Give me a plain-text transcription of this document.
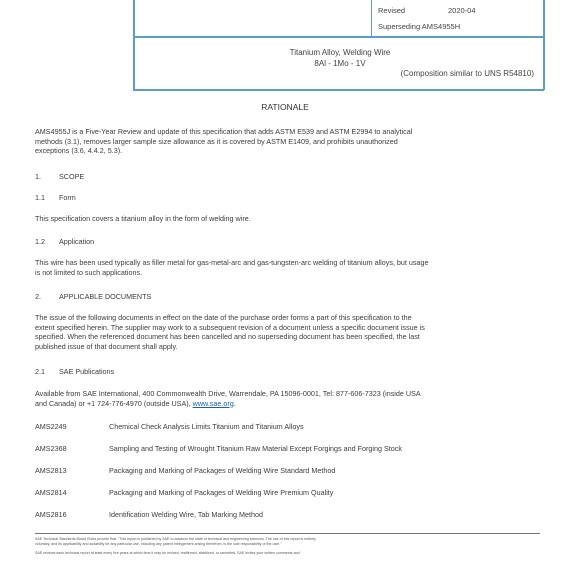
Revised	2020-04
Superseding AMS4955H
Titanium Alloy, Welding Wire
8Al - 1Mo - 1V
(Composition similar to UNS R54810)
RATIONALE
AMS4955J is a Five-Year Review and update of this specification that adds ASTM E539 and ASTM E2994 to analytical
methods (3.1), removes larger sample size allowance as it is covered by ASTM E1409, and prohibits unauthorized
exceptions (3.6, 4.4.2, 5.3).
1.	SCOPE
1.1 Form
This specification covers a titanium alloy in the form of welding wire.
1.2 Application
This wire has been used typically as filler metal for gas-metal-arc and gas-tungsten-arc welding of titanium alloys, but usage
is not limited to such applications.
2.	APPLICABLE DOCUMENTS
The issue of the following documents in effect on the date of the purchase order forms a part of this specification to the
extent specified herein. The supplier may work to a subsequent revision of a document unless a specific document issue is
specified. When the referenced document has been cancelled and no superseding document has been specified, the last
published issue of that document shall apply.
2.1 SAE Publications
Available from SAE International, 400 Commonwealth Drive, Warrendale, PA 15096-0001, Tel: 877-606-7323 (inside USA
and Canada) or +1 724-776-4970 (outside USA), www.sae.org.
AMS2249	Chemical Check Analysis Limits Titanium and Titanium Alloys
AMS2368	Sampling and Testing of Wrought Titanium Raw Material Except Forgings and Forging Stock
AMS2813	Packaging and Marking of Packages of Welding Wire Standard Method
AMS2814	Packaging and Marking of Packages of Welding Wire Premium Quality
AMS2816	Identification Welding Wire, Tab Marking Method
SAE Technical Standards Board Rules provide that: "This report is published by SAE to advance the state of technical and engineering sciences. The use of this report is entirely
voluntary, and its applicability and suitability for any particular use, including any patent infringement arising therefrom, is the sole responsibility of the user."
SAE reviews each technical report at least every five years at which time it may be revised, reaffirmed, stabilized, or cancelled. SAE invites your written comments and
